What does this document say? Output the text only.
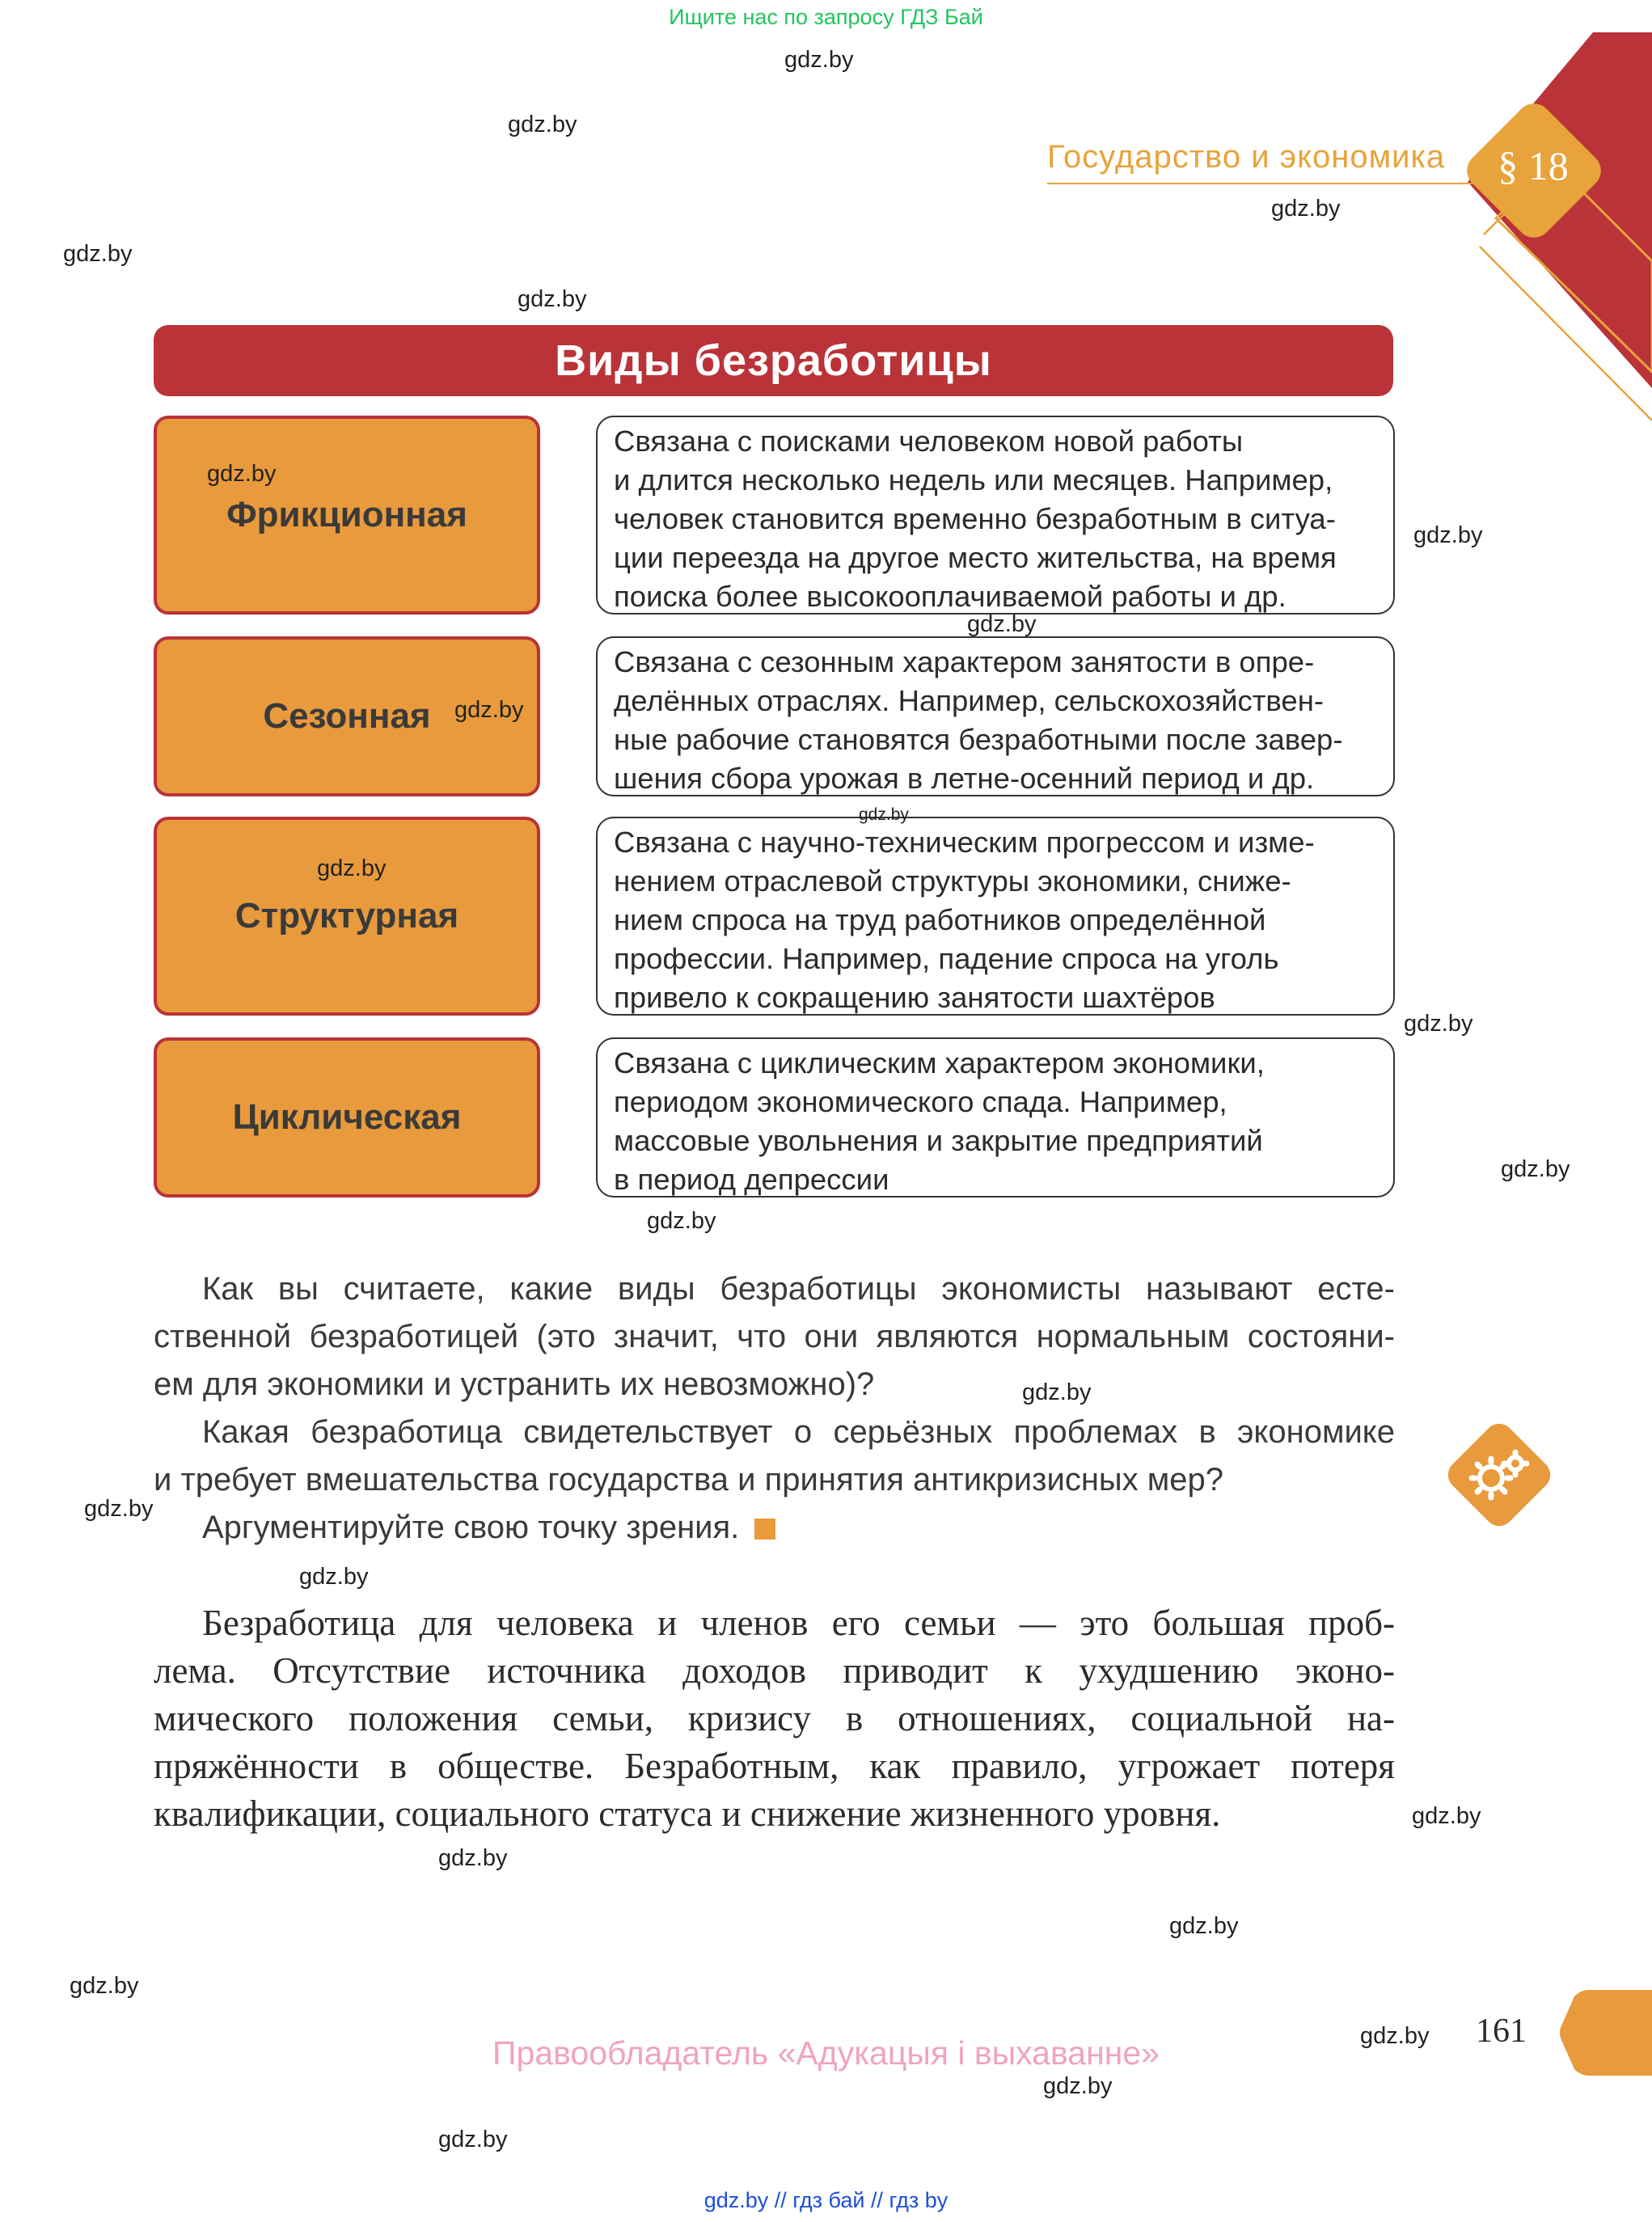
Ищите нас по запросу ГДЗ Бай
gdz.by // гдз бай // гдз by
§ 18
Государство и экономика
Виды безработицы
Фрикционная
Связана с поисками человеком новой работы
и длится несколько недель или месяцев. Например,
человек становится временно безработным в ситуа-
ции переезда на другое место жительства, на время
поиска более высокооплачиваемой работы и др.
Сезонная
Связана с сезонным характером занятости в опре-
делённых отраслях. Например, сельскохозяйствен-
ные рабочие становятся безработными после завер-
шения сбора урожая в летне-осенний период и др.
Структурная
Связана с научно-техническим прогрессом и изме-
нением отраслевой структуры экономики, сниже-
нием спроса на труд работников определённой
профессии. Например, падение спроса на уголь
привело к сокращению занятости шахтёров
Циклическая
Связана с циклическим характером экономики,
периодом экономического спада. Например,
массовые увольнения и закрытие предприятий
в период депрессии
Как вы считаете, какие виды безработицы экономисты называют есте-
ственной безработицей (это значит, что они являются нормальным состояни-
ем для экономики и устранить их невозможно)?
Какая безработица свидетельствует о серьёзных проблемах в экономике
и требует вмешательства государства и принятия антикризисных мер?
Аргументируйте свою точку зрения.
Безработица для человека и членов его семьи — это большая проб-
лема. Отсутствие источника доходов приводит к ухудшению эконо-
мического положения семьи, кризису в отношениях, социальной на-
пряжённости в обществе. Безработным, как правило, угрожает потеря
квалификации, социального статуса и снижение жизненного уровня.
161
Правообладатель «Адукацыя і выхаванне»
gdz.by
gdz.by
gdz.by
gdz.by
gdz.by
gdz.by
gdz.by
gdz.by
gdz.by
gdz.by
gdz.by
gdz.by
gdz.by
gdz.by
gdz.by
gdz.by
gdz.by
gdz.by
gdz.by
gdz.by
gdz.by
gdz.by
gdz.by
gdz.by
